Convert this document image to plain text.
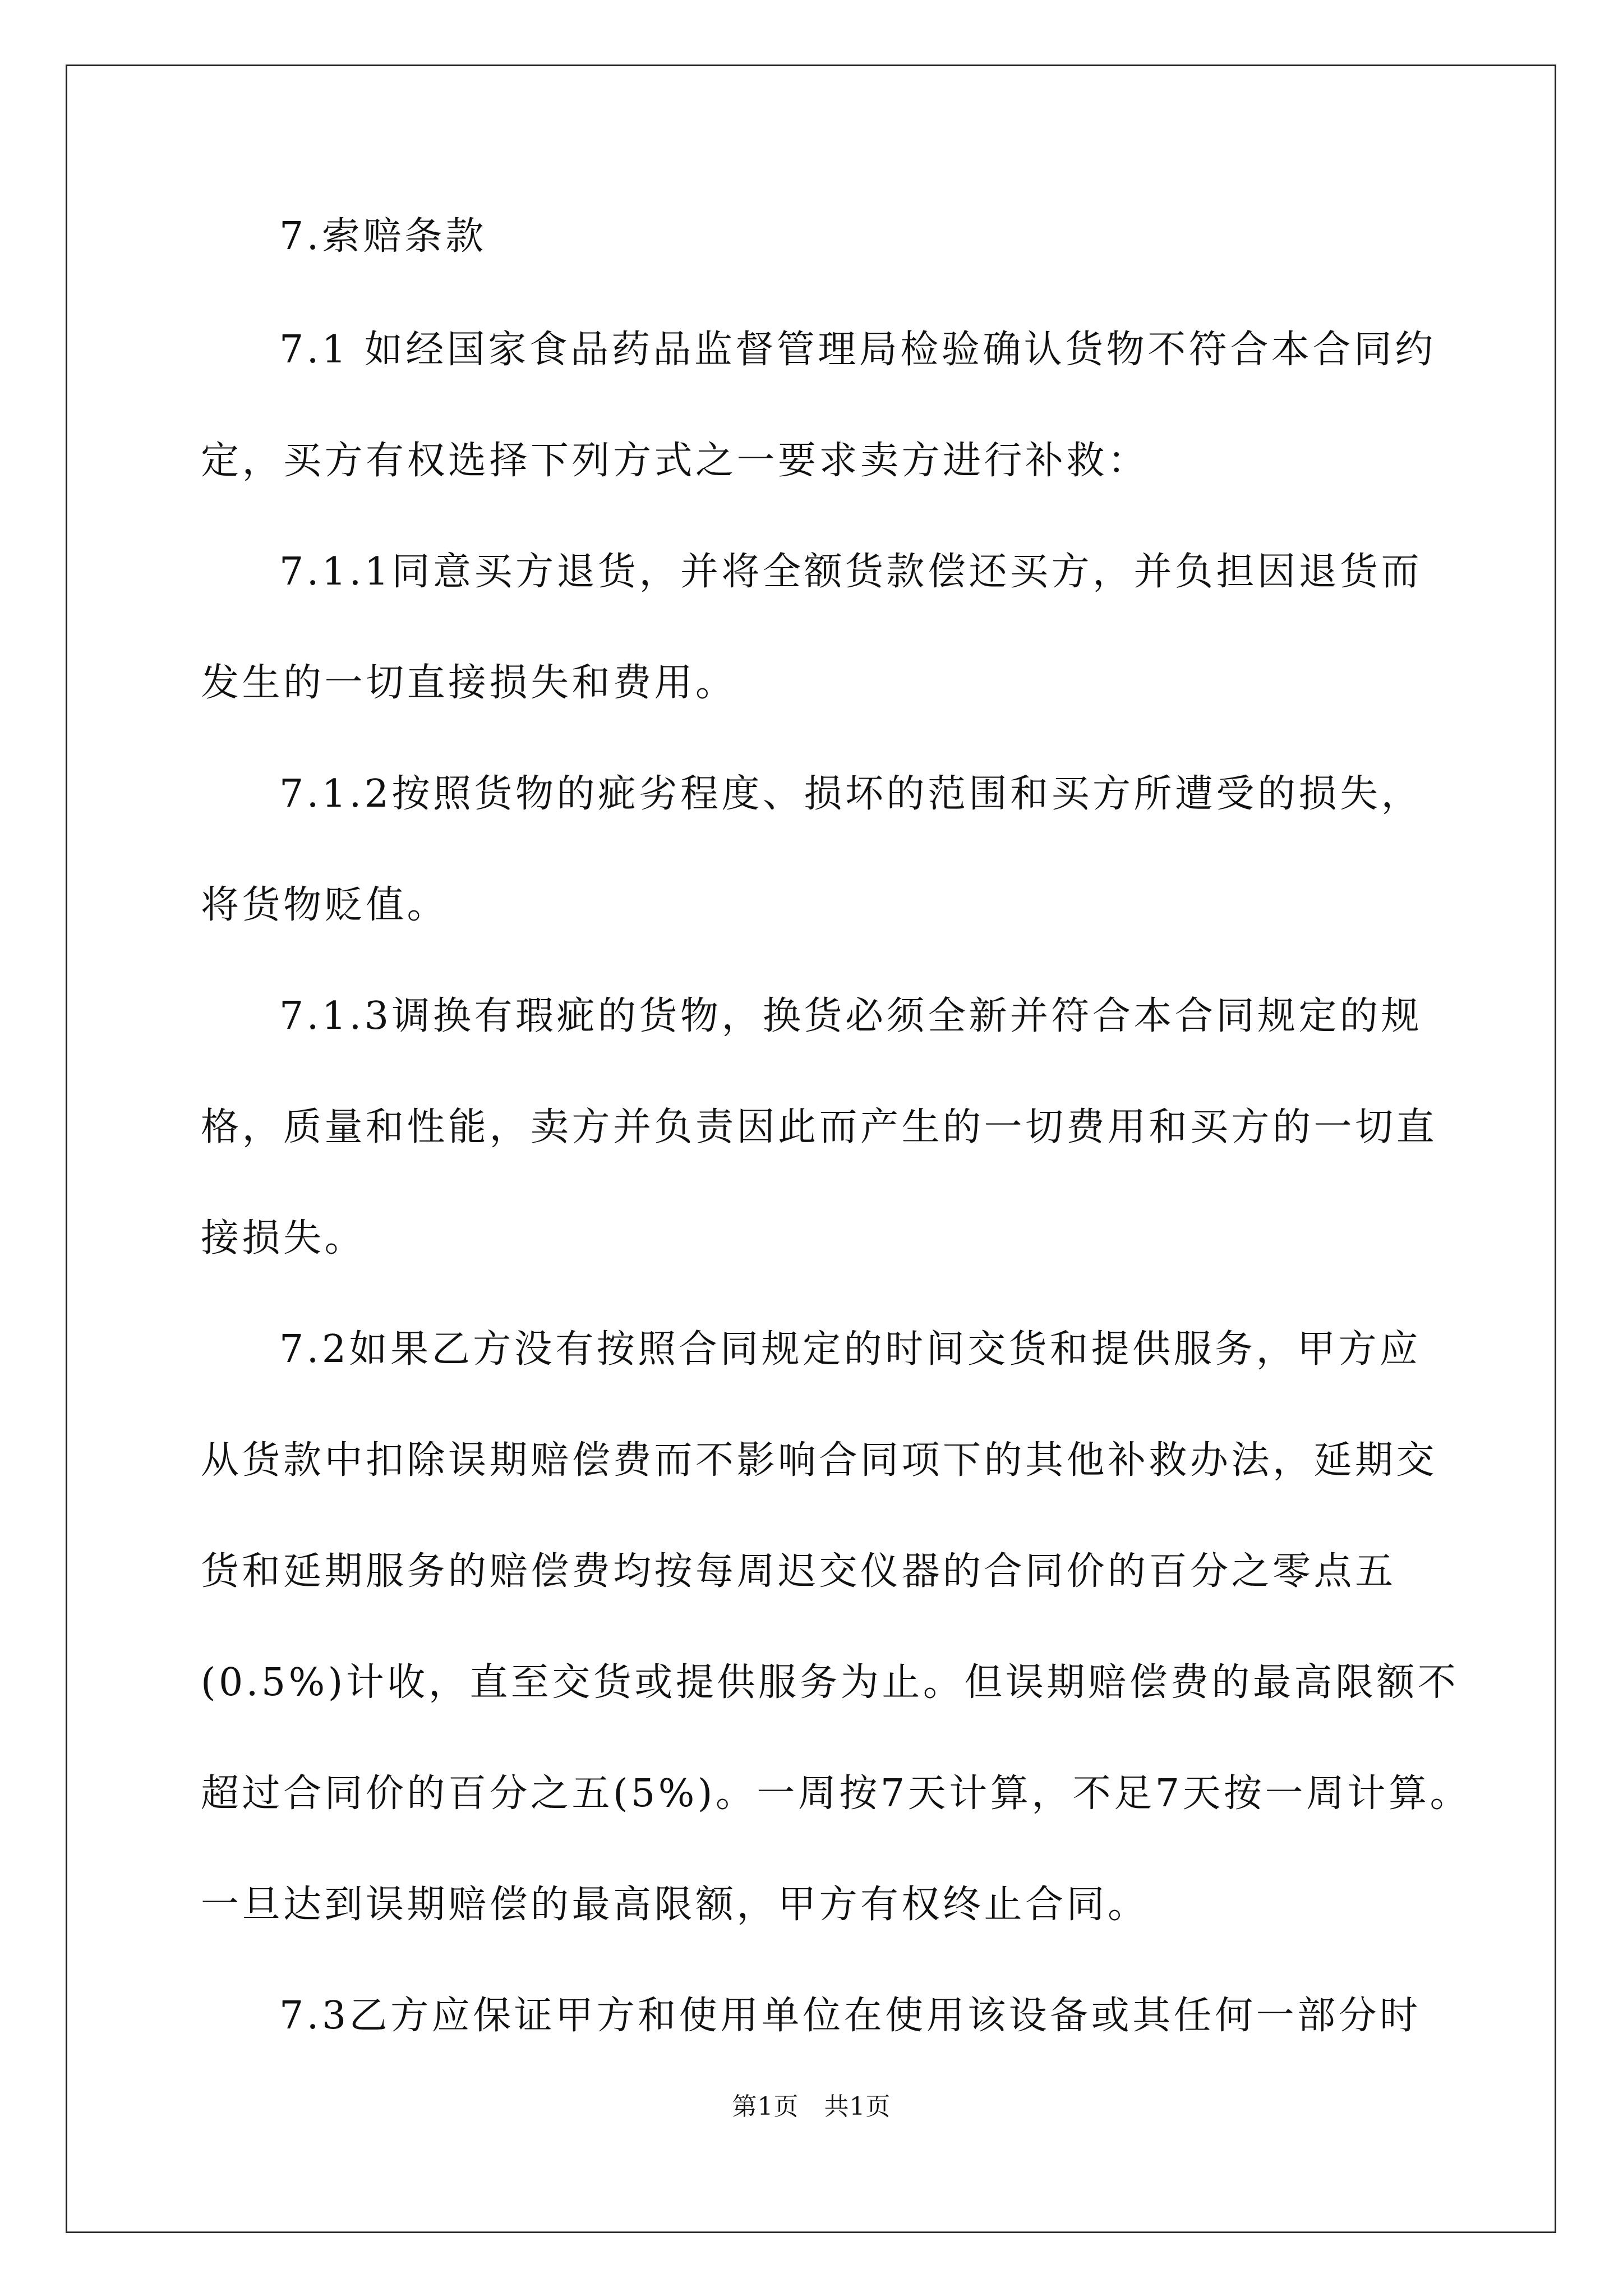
7.索赔条款
7.1 如经国家食品药品监督管理局检验确认货物不符合本合同约
定，买方有权选择下列方式之一要求卖方进行补救：
7.1.1同意买方退货，并将全额货款偿还买方，并负担因退货而
发生的一切直接损失和费用。
7.1.2按照货物的疵劣程度、损坏的范围和买方所遭受的损失，
将货物贬值。
7.1.3调换有瑕疵的货物，换货必须全新并符合本合同规定的规
格，质量和性能，卖方并负责因此而产生的一切费用和买方的一切直
接损失。
7.2如果乙方没有按照合同规定的时间交货和提供服务，甲方应
从货款中扣除误期赔偿费而不影响合同项下的其他补救办法，延期交
货和延期服务的赔偿费均按每周迟交仪器的合同价的百分之零点五
(0.5%)计收，直至交货或提供服务为止。但误期赔偿费的最高限额不
超过合同价的百分之五(5%)。一周按7天计算，不足7天按一周计算。
一旦达到误期赔偿的最高限额，甲方有权终止合同。
7.3乙方应保证甲方和使用单位在使用该设备或其任何一部分时
第1页　共1页
